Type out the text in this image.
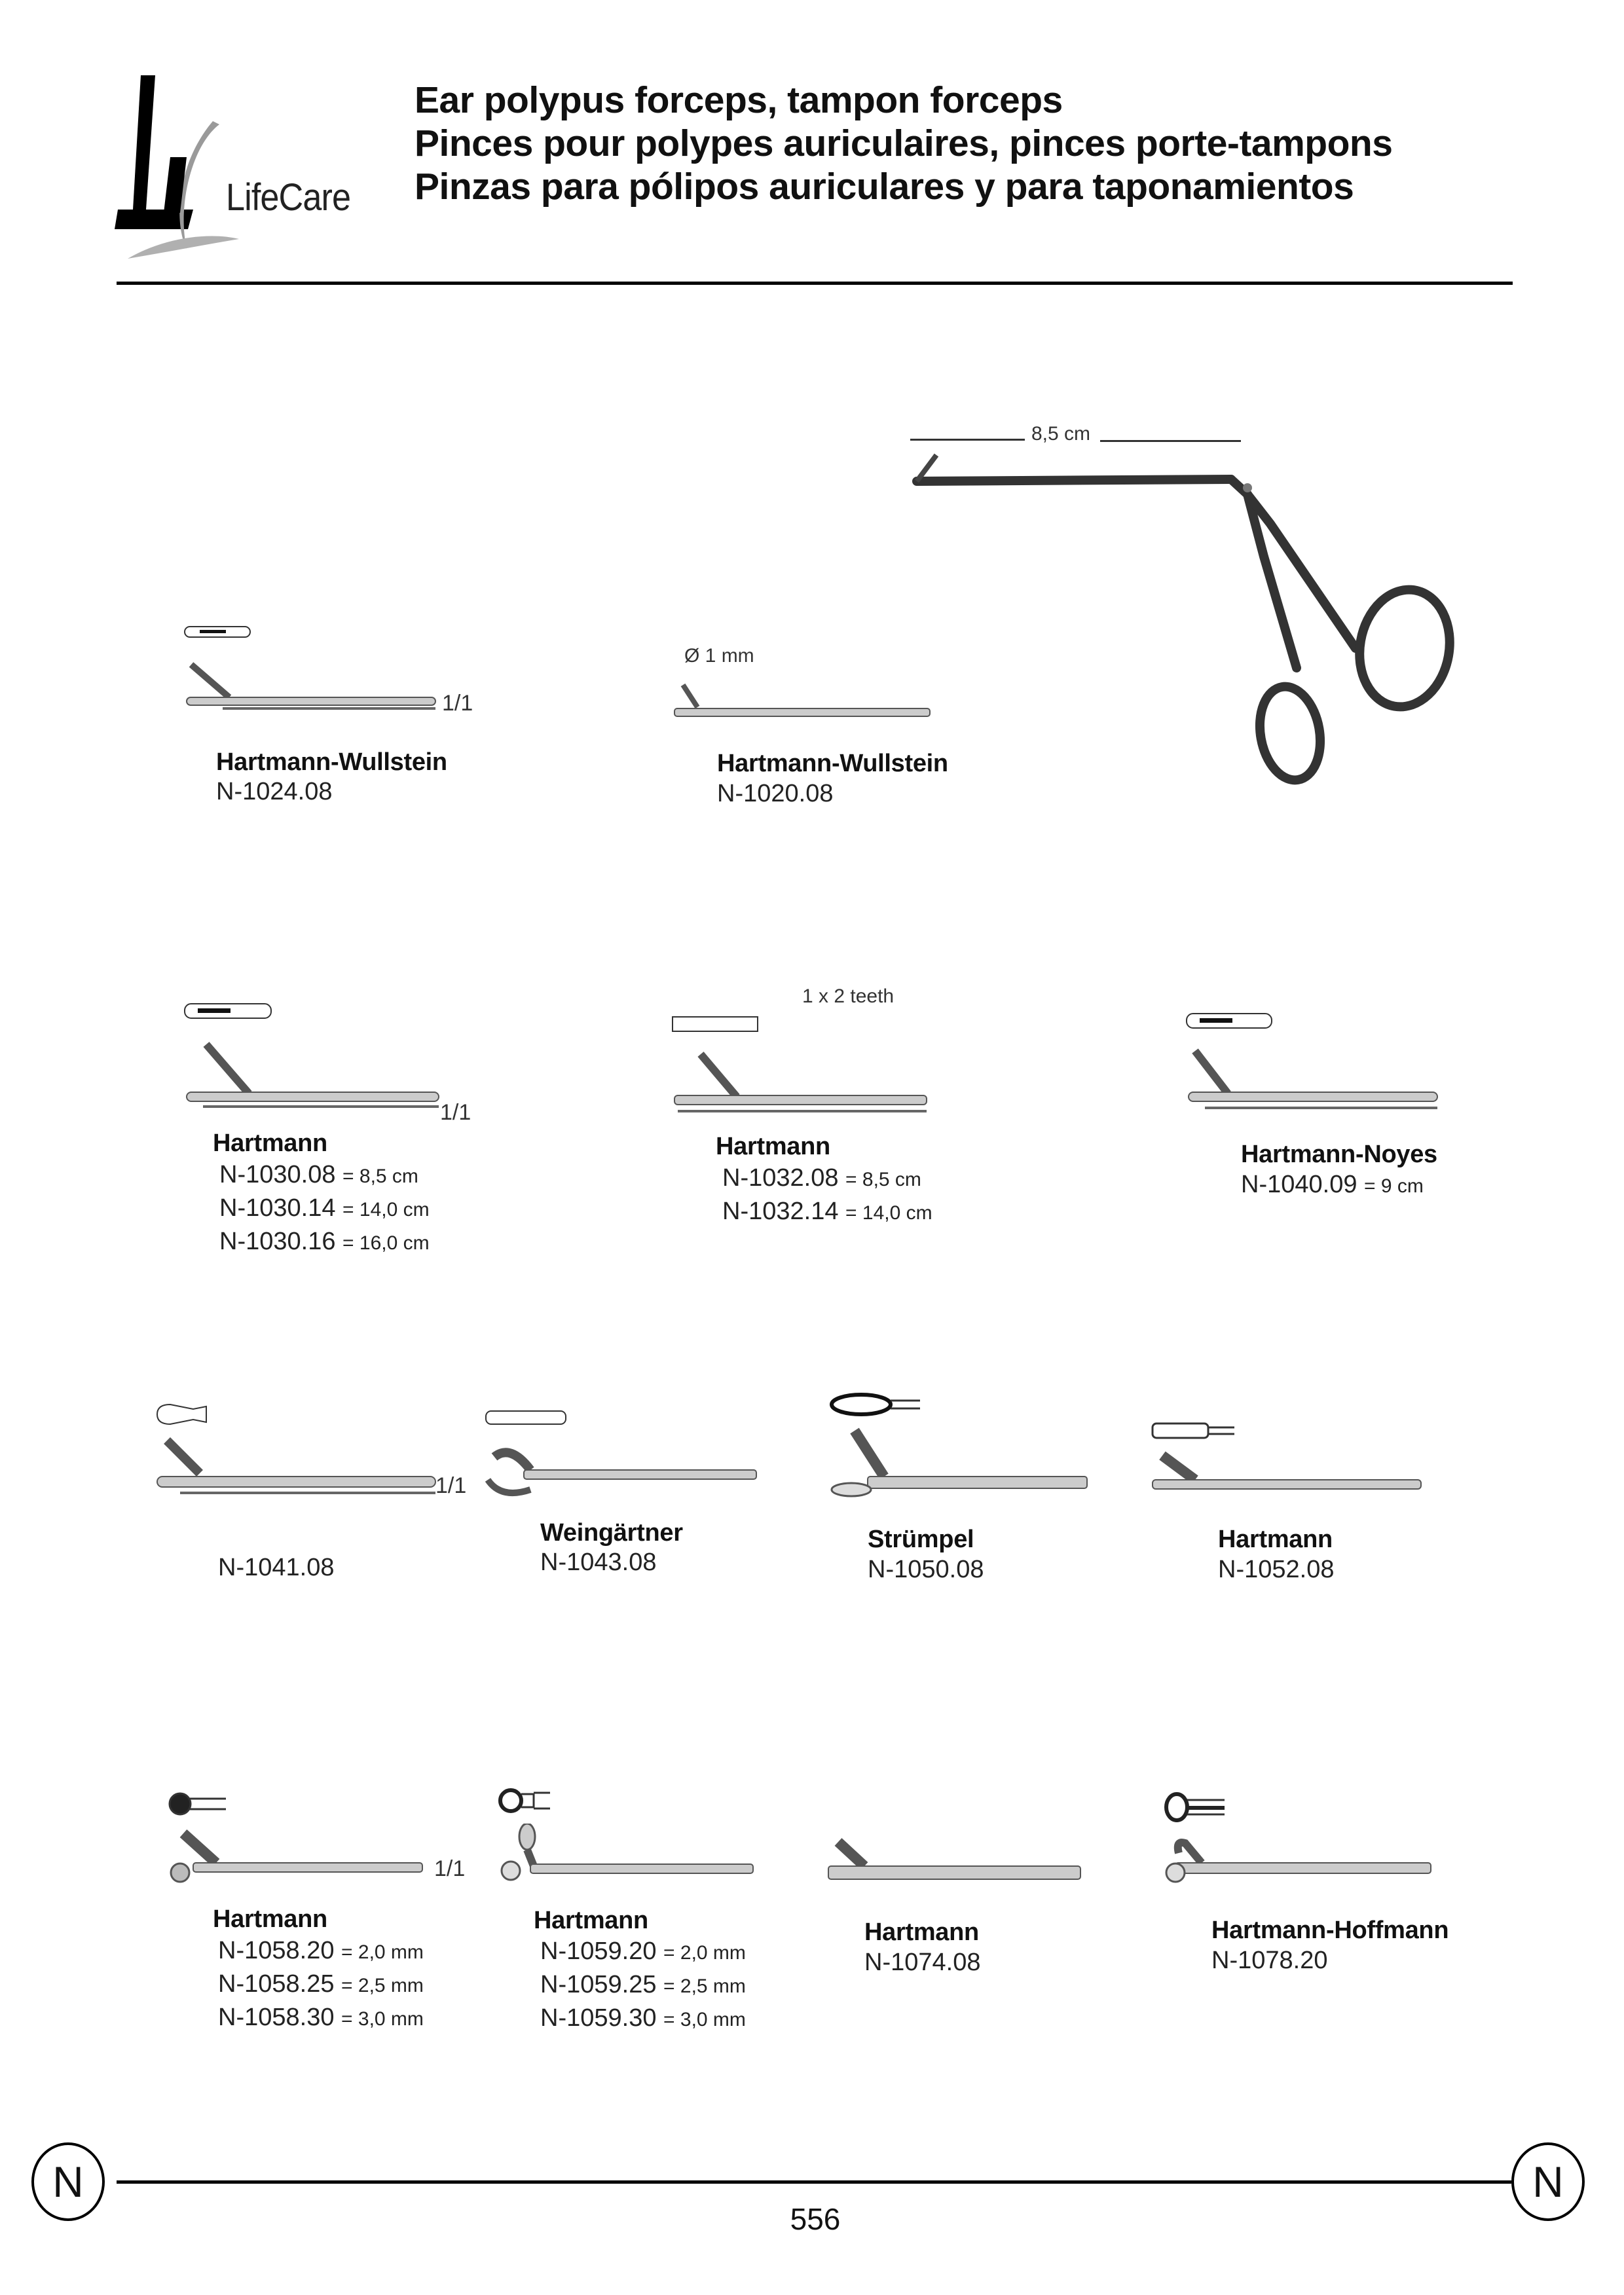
LifeCare
Ear polypus forceps, tampon forceps
Pinces pour polypes auriculaires, pinces porte-tampons
Pinzas para pólipos auriculares y para taponamientos
8,5 cm
1/1
Hartmann-Wullstein
N-1024.08
Ø 1 mm
Hartmann-Wullstein
N-1020.08
1/1
Hartmann
N-1030.08 = 8,5 cm
N-1030.14 = 14,0 cm
N-1030.16 = 16,0 cm
1 x 2 teeth
Hartmann
N-1032.08 = 8,5 cm
N-1032.14 = 14,0 cm
Hartmann-Noyes
N-1040.09 = 9 cm
1/1
N-1041.08
Weingärtner
N-1043.08
Strümpel
N-1050.08
Hartmann
N-1052.08
1/1
Hartmann
N-1058.20 = 2,0 mm
N-1058.25 = 2,5 mm
N-1058.30 = 3,0 mm
Hartmann
N-1059.20 = 2,0 mm
N-1059.25 = 2,5 mm
N-1059.30 = 3,0 mm
Hartmann
N-1074.08
Hartmann-Hoffmann
N-1078.20
N	N
556
